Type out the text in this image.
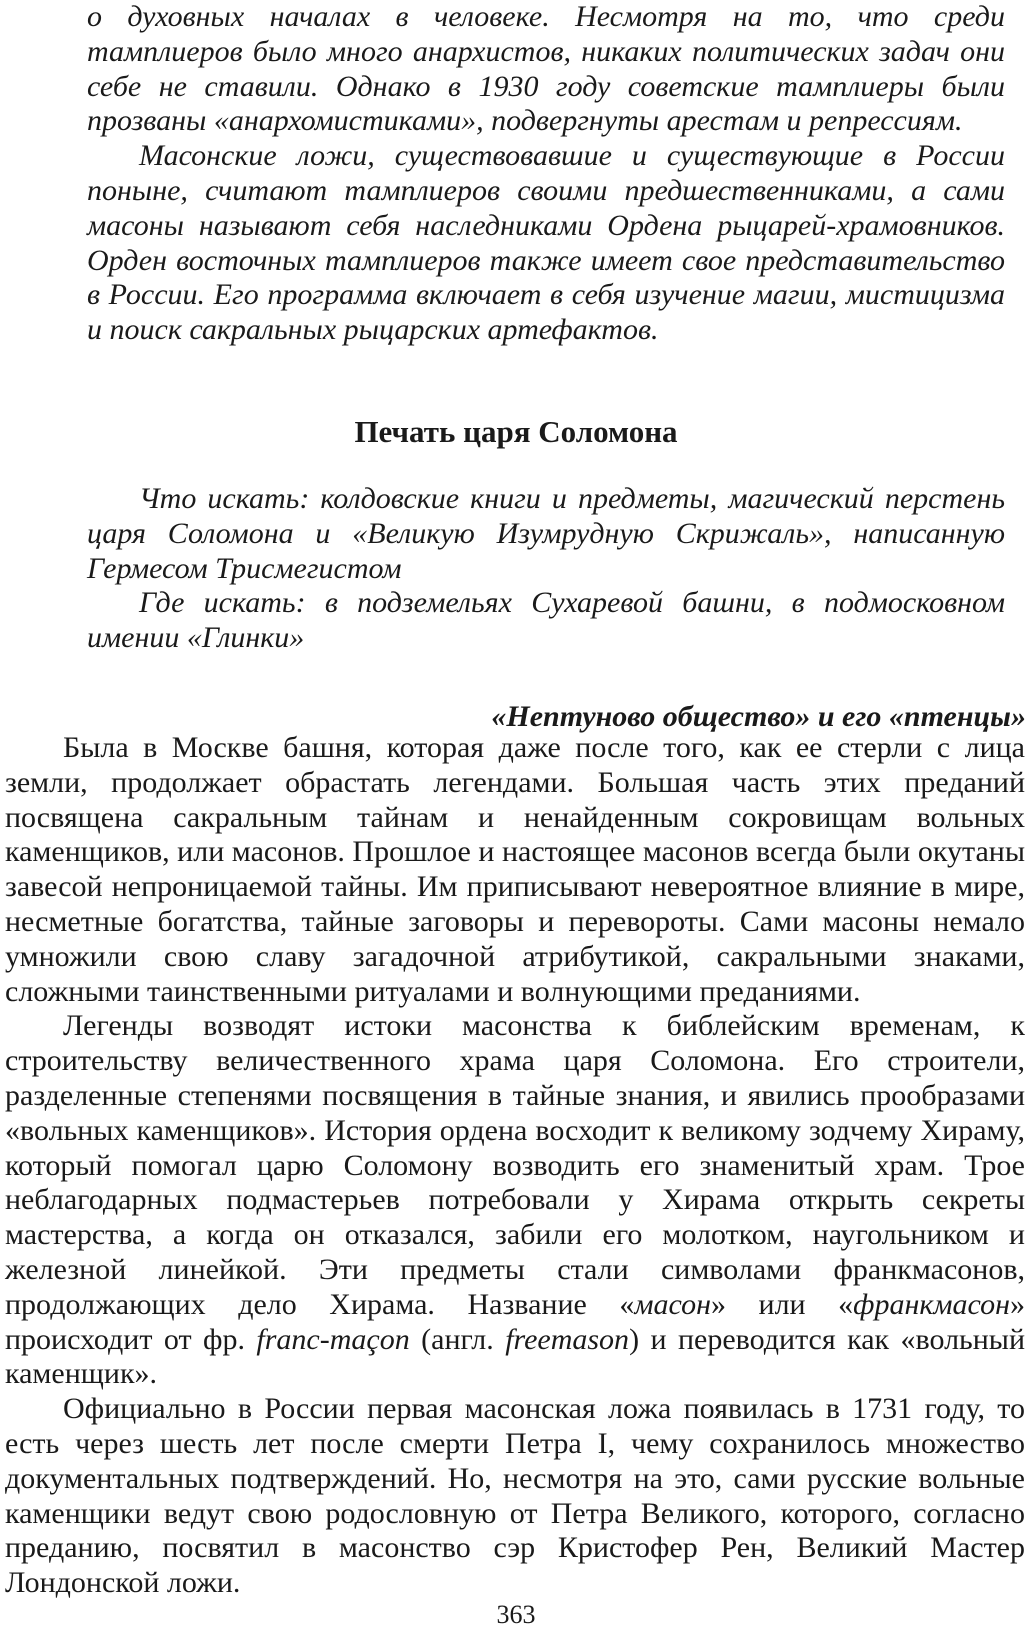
о духовных началах в человеке. Несмотря на то, что среди тамплиеров было много анархистов, никаких политических задач они себе не ставили. Однако в 1930 году советские тамплиеры были прозваны «анархомистиками», подвергнуты арестам и репрессиям.

Масонские ложи, существовавшие и существующие в России поныне, считают тамплиеров своими предшественниками, а сами масоны называют себя наследниками Ордена рыцарей-храмовников. Орден восточных тамплиеров также имеет свое представительство в России. Его программа включает в себя изучение магии, мистицизма и поиск сакральных рыцарских артефактов.

Печать царя Соломона

Что искать: колдовские книги и предметы, магический перстень царя Соломона и «Великую Изумрудную Скрижаль», написанную Гермесом Трисмегистом

Где искать: в подземельях Сухаревой башни, в подмосковном имении «Глинки»

«Нептуново общество» и его «птенцы»

Была в Москве башня, которая даже после того, как ее стерли с лица земли, продолжает обрастать легендами. Большая часть этих преданий посвящена сакральным тайнам и ненайденным сокровищам вольных каменщиков, или масонов. Прошлое и настоящее масонов всегда были окутаны завесой непроницаемой тайны. Им приписывают невероятное влияние в мире, несметные богатства, тайные заговоры и перевороты. Сами масоны немало умножили свою славу загадочной атрибутикой, сакральными знаками, сложными таинственными ритуалами и волнующими преданиями.

Легенды возводят истоки масонства к библейским временам, к строительству величественного храма царя Соломона. Его строители, разделенные степенями посвящения в тайные знания, и явились прообразами «вольных каменщиков». История ордена восходит к великому зодчему Хираму, который помогал царю Соломону возводить его знаменитый храм. Трое неблагодарных подмастерьев потребовали у Хирама открыть секреты мастерства, а когда он отказался, забили его молотком, наугольником и железной линейкой. Эти предметы стали символами франкмасонов, продолжающих дело Хирама. Название «масон» или «франкмасон» происходит от фр. franc-maçon (англ. freemason) и переводится как «вольный каменщик».

Официально в России первая масонская ложа появилась в 1731 году, то есть через шесть лет после смерти Петра I, чему сохранилось множество документальных подтверждений. Но, несмотря на это, сами русские вольные каменщики ведут свою родословную от Петра Великого, которого, согласно преданию, посвятил в масонство сэр Кристофер Рен, Великий Мастер Лондонской ложи.

363
